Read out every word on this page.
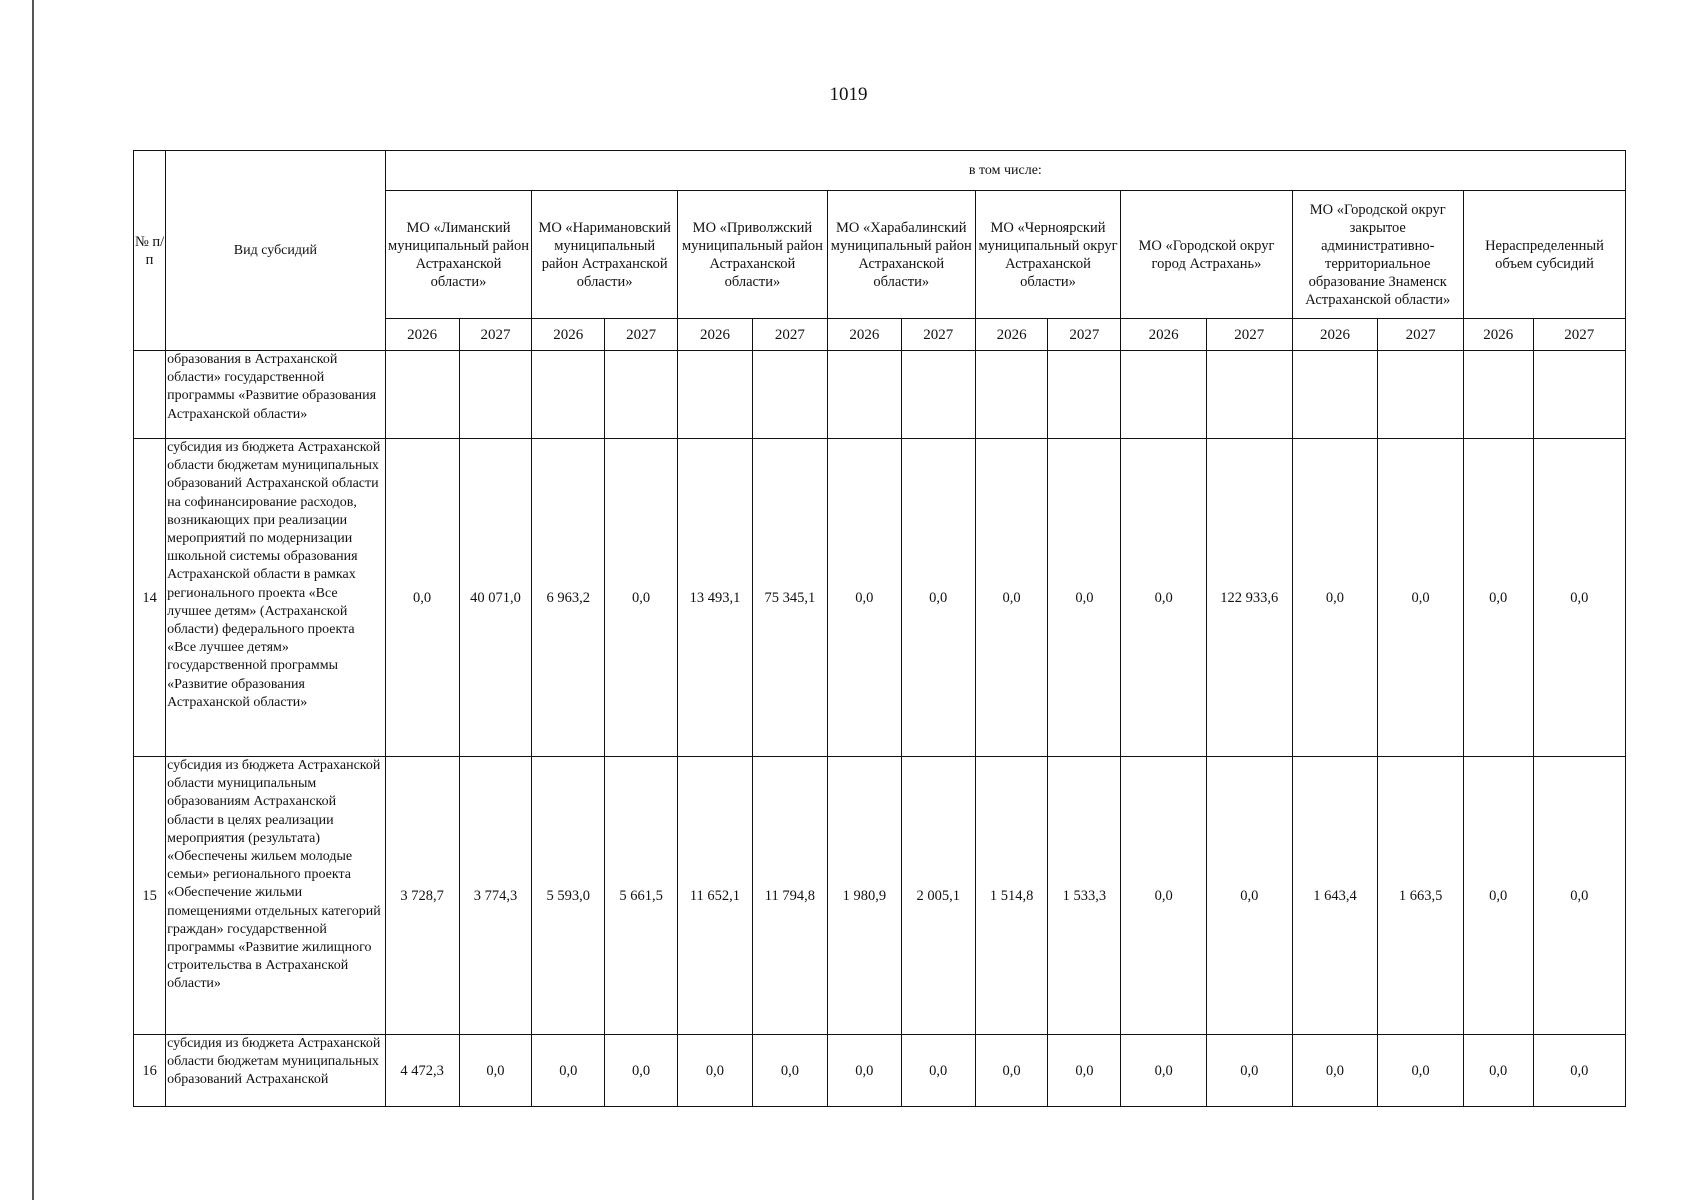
1019
№ п/п	Вид субсидий	в том числе:															
		МО «Лиманский муниципальный район Астраханской области»		МО «Наримановский муниципальный район Астраханской области»		МО «Приволжский муниципальный район Астраханской области»		МО «Харабалинский муниципальный район Астраханской области»		МО «Черноярский муниципальный округ Астраханской области»		МО «Городской округ город Астрахань»		МО «Городской округ закрытое административно-территориальное образование Знаменск Астраханской области»		Нераспределенный объем субсидий	
		2026	2027	2026	2027	2026	2027	2026	2027	2026	2027	2026	2027	2026	2027	2026	2027
	образования в Астраханской области» государственной программы «Развитие образования Астраханской области»																
14	субсидия из бюджета Астраханской области бюджетам муниципальных образований Астраханской области на софинансирование расходов, возникающих при реализации мероприятий по модернизации школьной системы образования Астраханской области в рамках регионального проекта «Все лучшее детям» (Астраханской области) федерального проекта «Все лучшее детям» государственной программы «Развитие образования Астраханской области»	0,0	40 071,0	6 963,2	0,0	13 493,1	75 345,1	0,0	0,0	0,0	0,0	0,0	122 933,6	0,0	0,0	0,0	0,0
15	субсидия из бюджета Астраханской области муниципальным образованиям Астраханской области в целях реализации мероприятия (результата) «Обеспечены жильем молодые семьи» регионального проекта «Обеспечение жильми помещениями отдельных категорий граждан» государственной программы «Развитие жилищного строительства в Астраханской области»	3 728,7	3 774,3	5 593,0	5 661,5	11 652,1	11 794,8	1 980,9	2 005,1	1 514,8	1 533,3	0,0	0,0	1 643,4	1 663,5	0,0	0,0
16	субсидия из бюджета Астраханской области бюджетам муниципальных образований Астраханской	4 472,3	0,0	0,0	0,0	0,0	0,0	0,0	0,0	0,0	0,0	0,0	0,0	0,0	0,0	0,0	0,0
